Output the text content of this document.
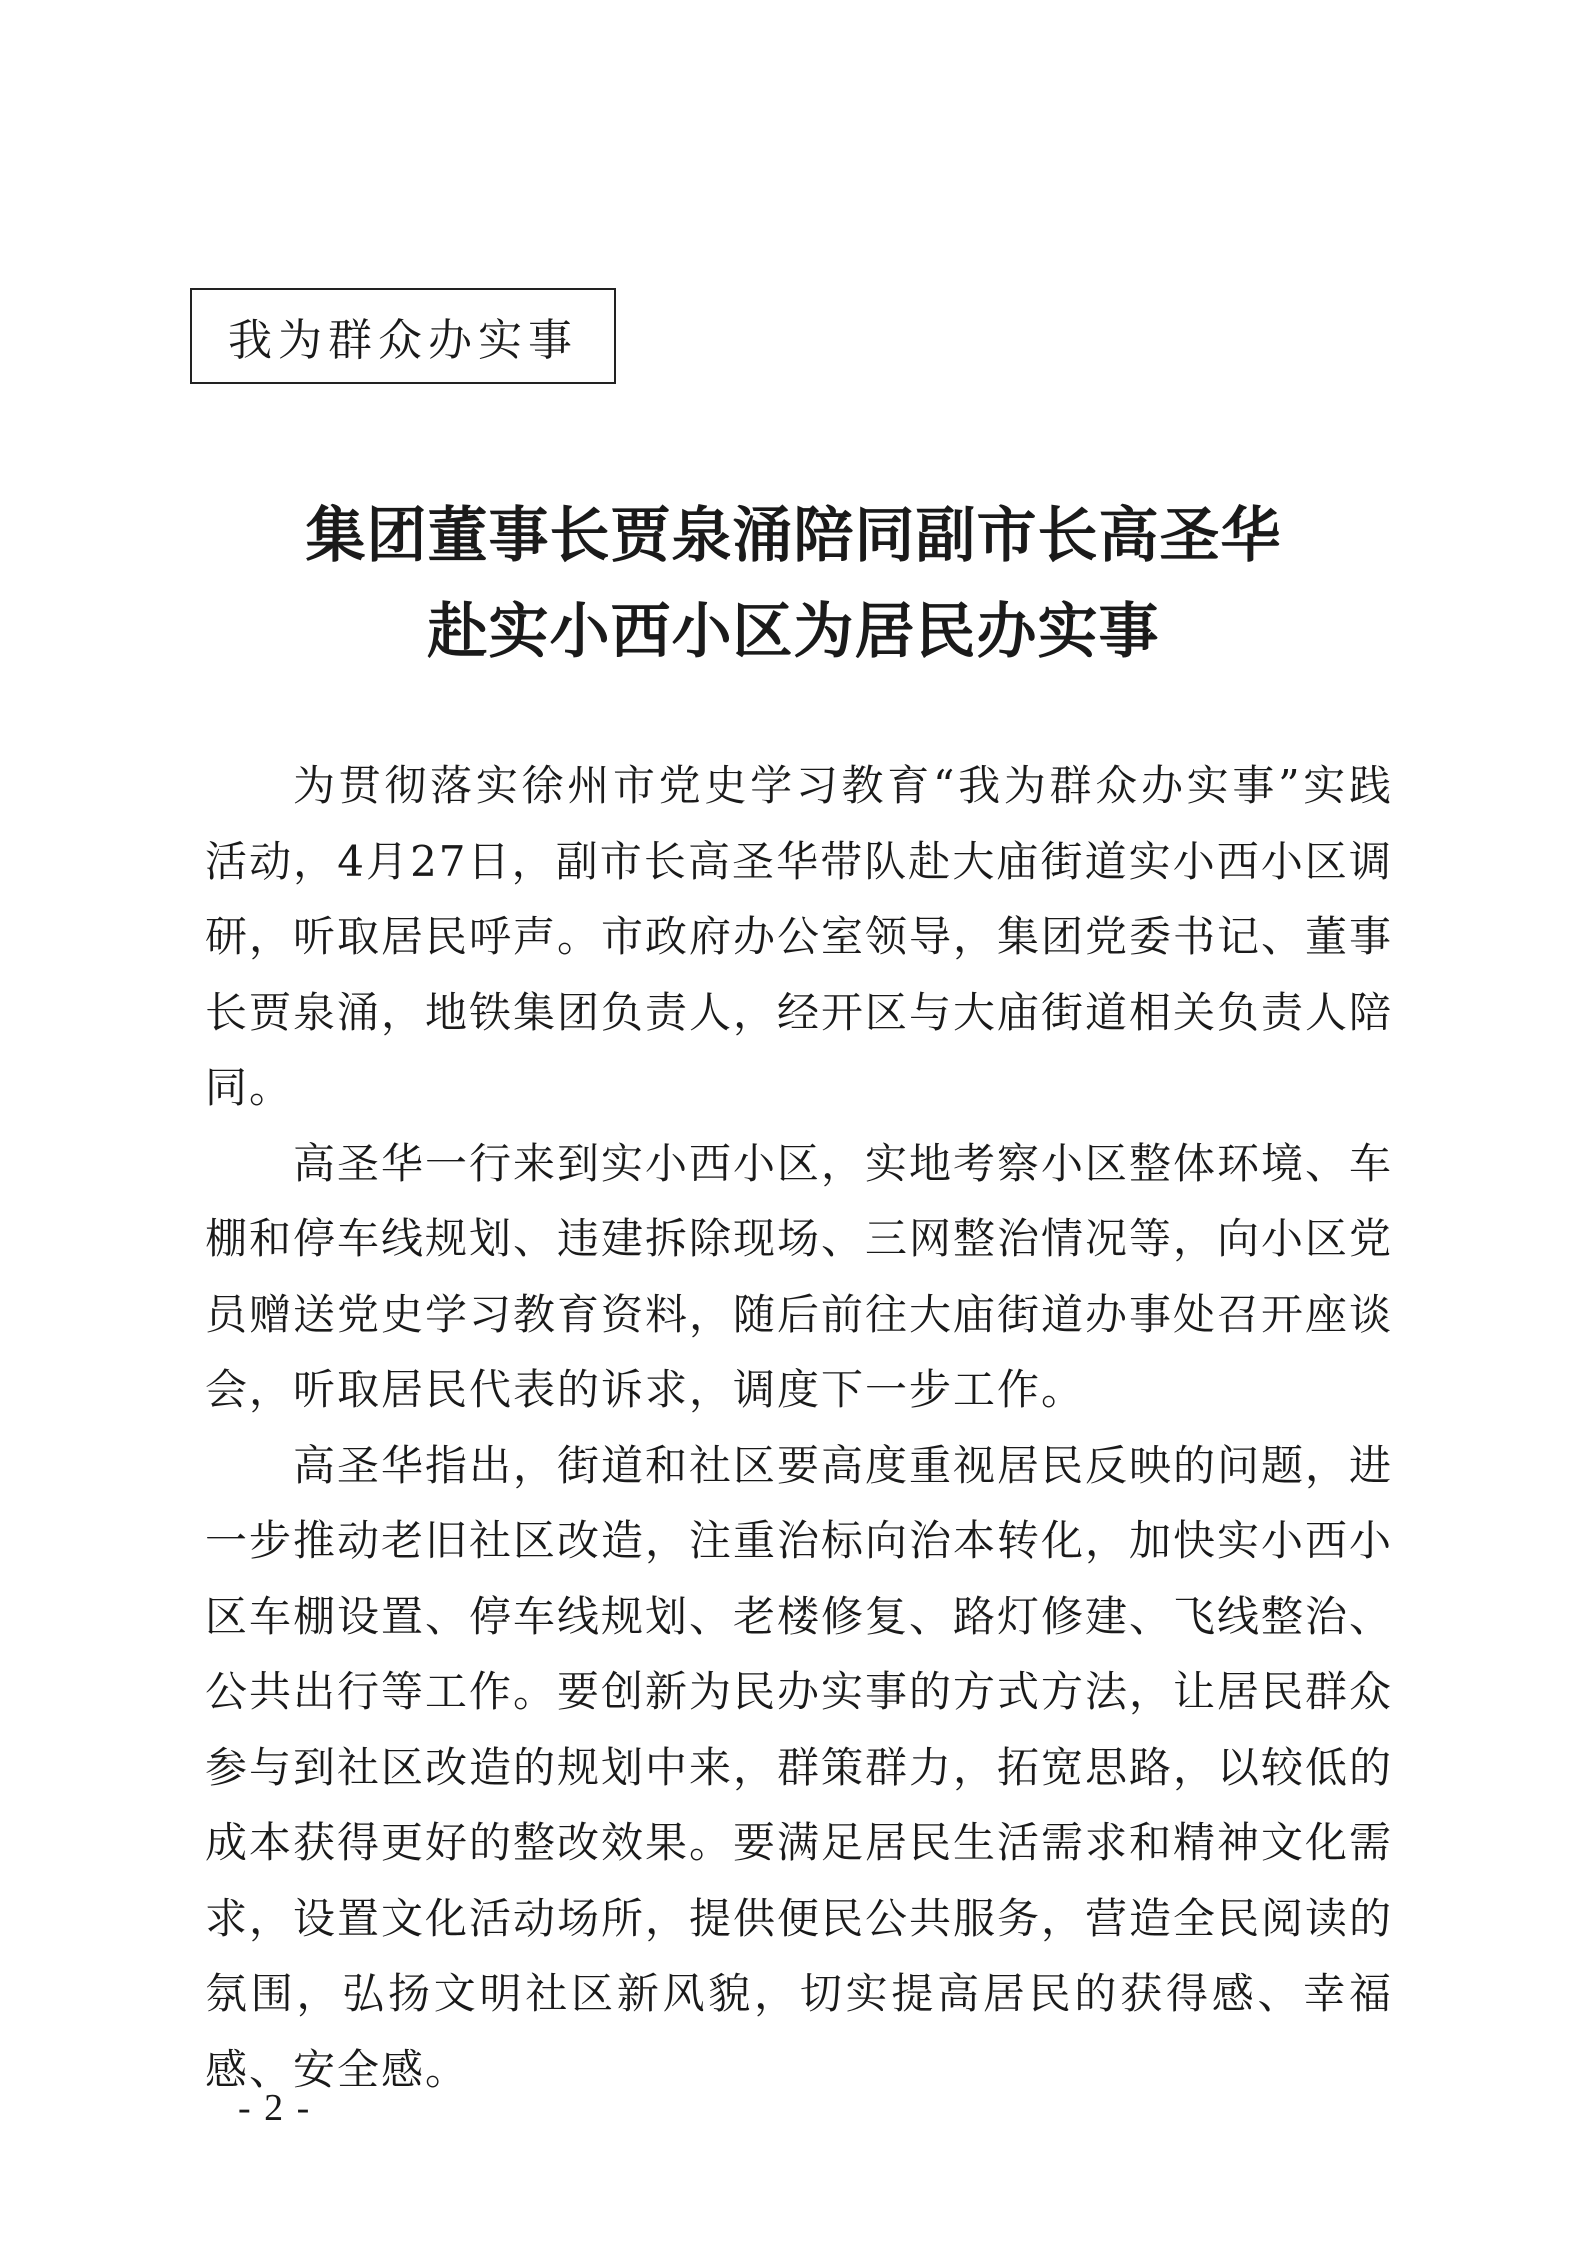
我为群众办实事
集团董事长贾泉涌陪同副市长高圣华
赴实小西小区为居民办实事

为贯彻落实徐州市党史学习教育“我为群众办实事”实践活动，4月27日，副市长高圣华带队赴大庙街道实小西小区调研，听取居民呼声。市政府办公室领导，集团党委书记、董事长贾泉涌，地铁集团负责人，经开区与大庙街道相关负责人陪同。

高圣华一行来到实小西小区，实地考察小区整体环境、车棚和停车线规划、违建拆除现场、三网整治情况等，向小区党员赠送党史学习教育资料，随后前往大庙街道办事处召开座谈会，听取居民代表的诉求，调度下一步工作。

高圣华指出，街道和社区要高度重视居民反映的问题，进一步推动老旧社区改造，注重治标向治本转化，加快实小西小区车棚设置、停车线规划、老楼修复、路灯修建、飞线整治、公共出行等工作。要创新为民办实事的方式方法，让居民群众参与到社区改造的规划中来，群策群力，拓宽思路，以较低的成本获得更好的整改效果。要满足居民生活需求和精神文化需求，设置文化活动场所，提供便民公共服务，营造全民阅读的氛围，弘扬文明社区新风貌，切实提高居民的获得感、幸福感、安全感。

- 2 -
